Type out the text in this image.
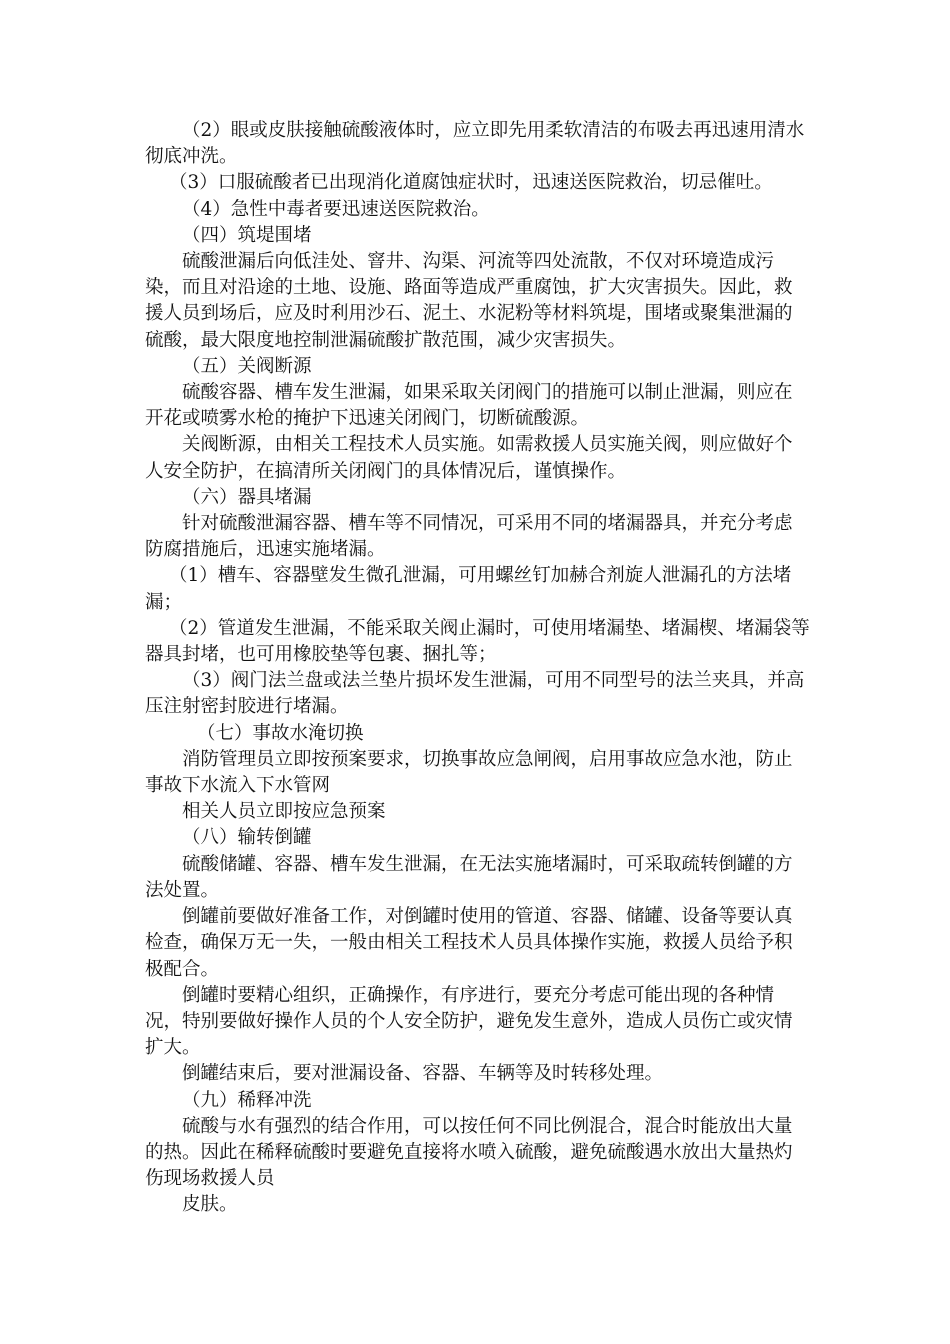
（2）眼或皮肤接触硫酸液体时，应立即先用柔软清洁的布吸去再迅速用清水彻底冲洗。

（3）口服硫酸者已出现消化道腐蚀症状时，迅速送医院救治，切忌催吐。

（4）急性中毒者要迅速送医院救治。

（四）筑堤围堵

硫酸泄漏后向低洼处、窨井、沟渠、河流等四处流散，不仅对环境造成污染，而且对沿途的土地、设施、路面等造成严重腐蚀，扩大灾害损失。因此，救援人员到场后，应及时利用沙石、泥土、水泥粉等材料筑堤，围堵或聚集泄漏的硫酸，最大限度地控制泄漏硫酸扩散范围，减少灾害损失。

（五）关阀断源

硫酸容器、槽车发生泄漏，如果采取关闭阀门的措施可以制止泄漏，则应在开花或喷雾水枪的掩护下迅速关闭阀门，切断硫酸源。

关阀断源，由相关工程技术人员实施。如需救援人员实施关阀，则应做好个人安全防护，在搞清所关闭阀门的具体情况后，谨慎操作。

（六）器具堵漏

针对硫酸泄漏容器、槽车等不同情况，可采用不同的堵漏器具，并充分考虑防腐措施后，迅速实施堵漏。

（1）槽车、容器壁发生微孔泄漏，可用螺丝钉加赫合剂旋人泄漏孔的方法堵漏；

（2）管道发生泄漏，不能采取关阀止漏时，可使用堵漏垫、堵漏楔、堵漏袋等器具封堵，也可用橡胶垫等包裹、捆扎等；

（3）阀门法兰盘或法兰垫片损坏发生泄漏，可用不同型号的法兰夹具，并高压注射密封胶进行堵漏。

（七）事故水淹切换

消防管理员立即按预案要求，切换事故应急闸阀，启用事故应急水池，防止事故下水流入下水管网

相关人员立即按应急预案

（八）输转倒罐

硫酸储罐、容器、槽车发生泄漏，在无法实施堵漏时，可采取疏转倒罐的方法处置。

倒罐前要做好准备工作，对倒罐时使用的管道、容器、储罐、设备等要认真检查，确保万无一失，一般由相关工程技术人员具体操作实施，救援人员给予积极配合。

倒罐时要精心组织，正确操作，有序进行，要充分考虑可能出现的各种情况，特别要做好操作人员的个人安全防护，避免发生意外，造成人员伤亡或灾情扩大。

倒罐结束后，要对泄漏设备、容器、车辆等及时转移处理。

（九）稀释冲洗

硫酸与水有强烈的结合作用，可以按任何不同比例混合，混合时能放出大量的热。因此在稀释硫酸时要避免直接将水喷入硫酸，避免硫酸遇水放出大量热灼伤现场救援人员

皮肤。
